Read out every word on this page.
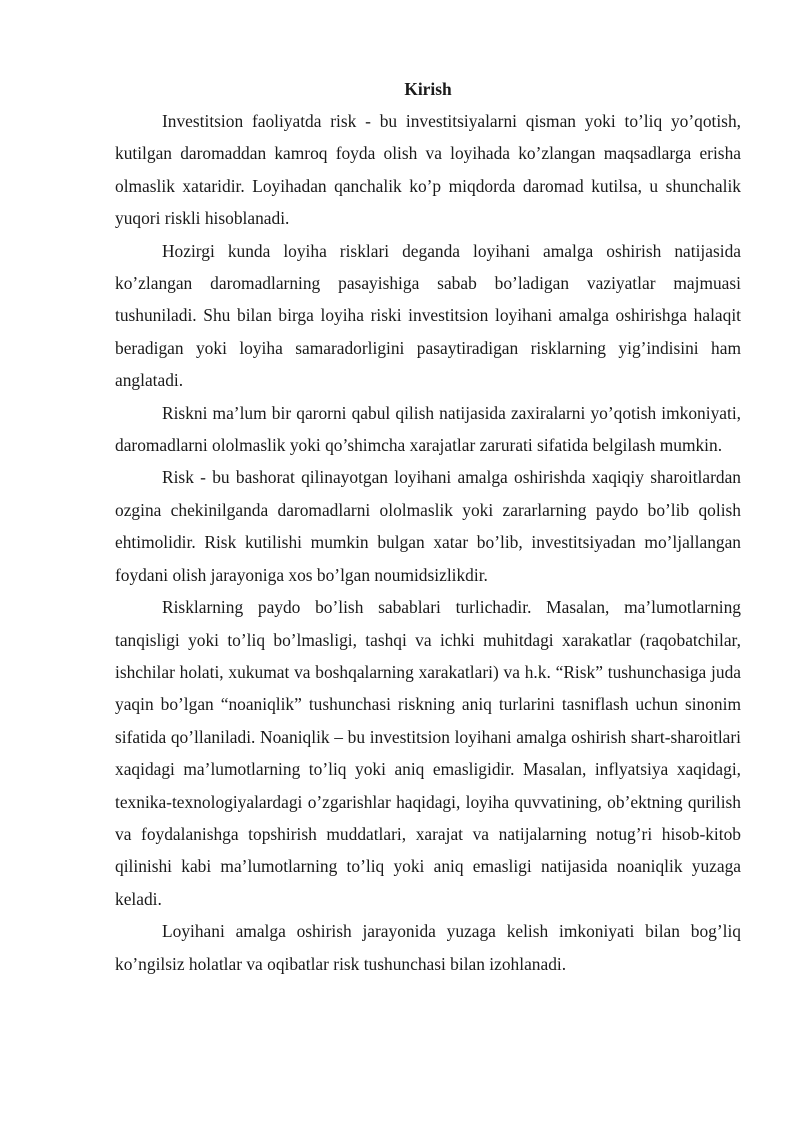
Kirish

Investitsion faoliyatda risk - bu investitsiyalarni qisman yoki to’liq yo’qotish, kutilgan daromaddan kamroq foyda olish va loyihada ko’zlangan maqsadlarga erisha olmaslik xataridir. Loyihadan qanchalik ko’p miqdorda daromad kutilsa, u shunchalik yuqori riskli hisoblanadi.

Hozirgi kunda loyiha risklari deganda loyihani amalga oshirish natijasida ko’zlangan daromadlarning pasayishiga sabab bo’ladigan vaziyatlar majmuasi tushuniladi. Shu bilan birga loyiha riski investitsion loyihani amalga oshirishga halaqit beradigan yoki loyiha samaradorligini pasaytiradigan risklarning yig’indisini ham anglatadi.

Riskni ma’lum bir qarorni qabul qilish natijasida zaxiralarni yo’qotish imkoniyati, daromadlarni ololmaslik yoki qo’shimcha xarajatlar zarurati sifatida belgilash mumkin.

Risk - bu bashorat qilinayotgan loyihani amalga oshirishda xaqiqiy sharoitlardan ozgina chekinilganda daromadlarni ololmaslik yoki zararlarning paydo bo’lib qolish ehtimolidir. Risk kutilishi mumkin bulgan xatar bo’lib, investitsiyadan mo’ljallangan foydani olish jarayoniga xos bo’lgan noumidsizlikdir.

Risklarning paydo bo’lish sabablari turlichadir. Masalan, ma’lumotlarning tanqisligi yoki to’liq bo’lmasligi, tashqi va ichki muhitdagi xarakatlar (raqobatchilar, ishchilar holati, xukumat va boshqalarning xarakatlari) va h.k. “Risk” tushunchasiga juda yaqin bo’lgan “noaniqlik” tushunchasi riskning aniq turlarini tasniflash uchun sinonim sifatida qo’llaniladi. Noaniqlik – bu investitsion loyihani amalga oshirish shart-sharoitlari xaqidagi ma’lumotlarning to’liq yoki aniq emasligidir. Masalan, inflyatsiya xaqidagi, texnika-texnologiyalardagi o’zgarishlar haqidagi, loyiha quvvatining, ob’ektning qurilish va foydalanishga topshirish muddatlari, xarajat va natijalarning notug’ri hisob-kitob qilinishi kabi ma’lumotlarning to’liq yoki aniq emasligi natijasida noaniqlik yuzaga keladi.

Loyihani amalga oshirish jarayonida yuzaga kelish imkoniyati bilan bog’liq ko’ngilsiz holatlar va oqibatlar risk tushunchasi bilan izohlanadi.
